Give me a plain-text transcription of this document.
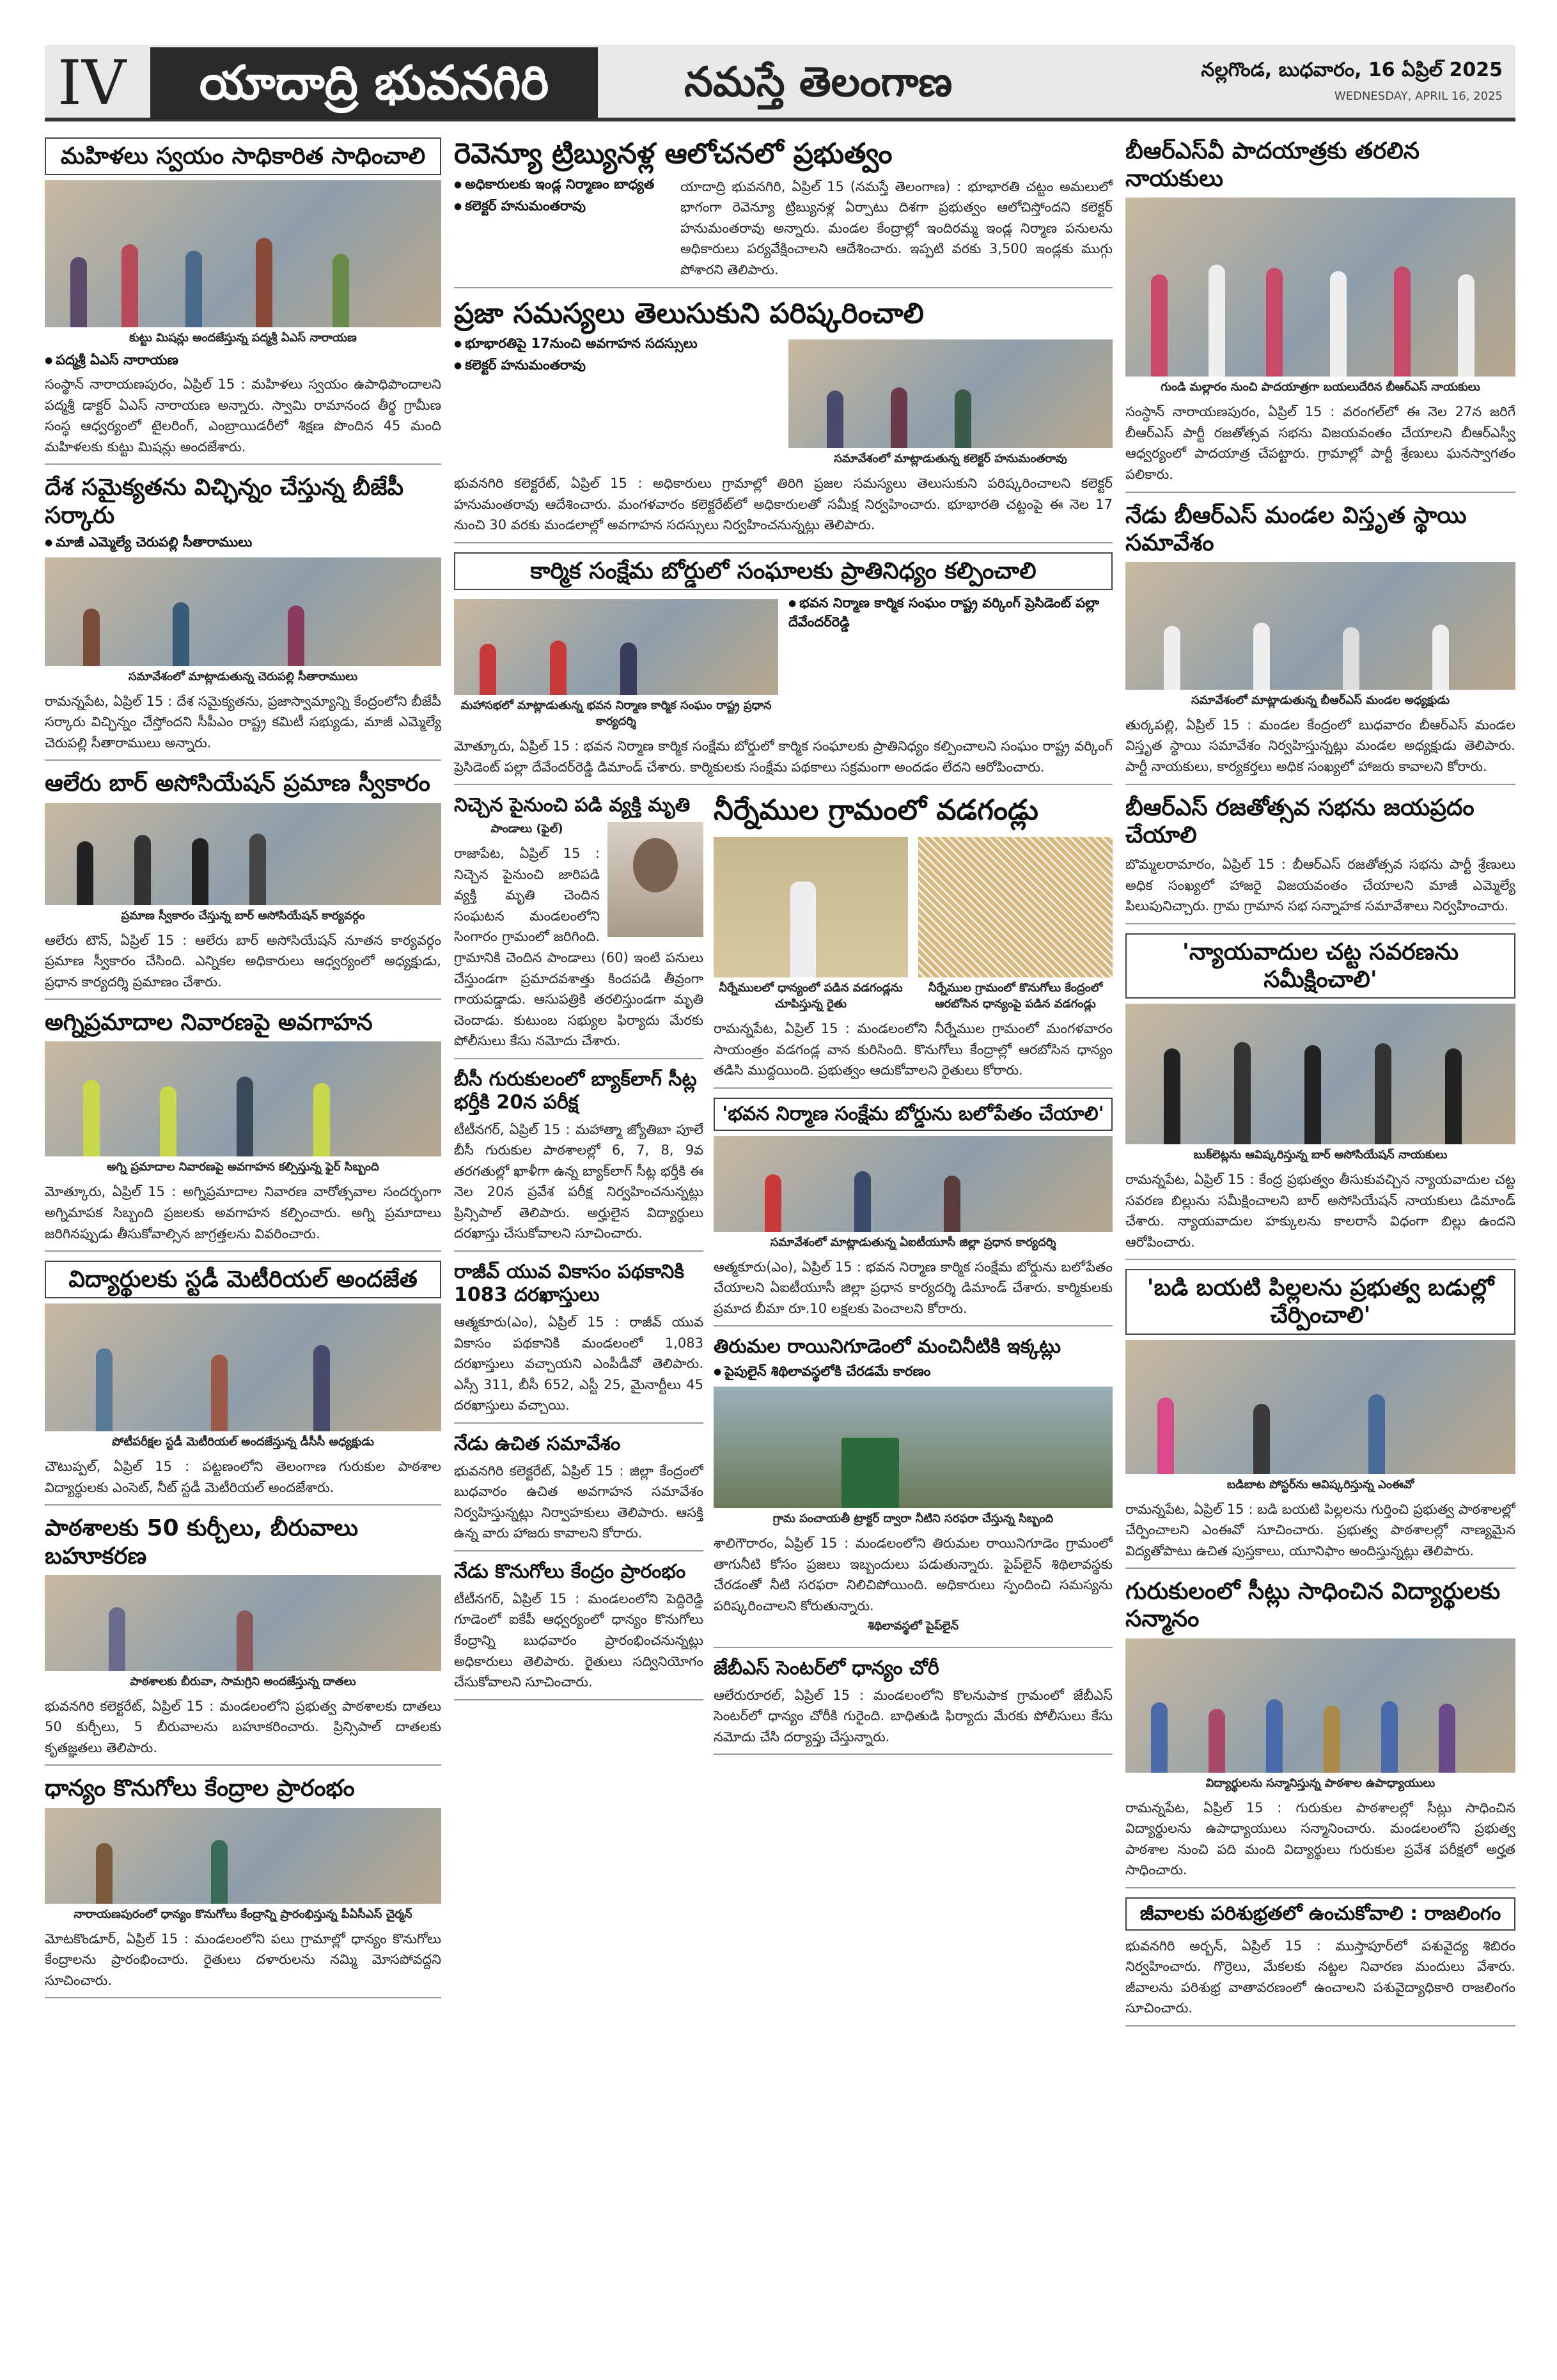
IV	యాదాద్రి భువనగిరి	నమస్తే తెలంగాణ	నల్లగొండ, బుధవారం, 16 ఏప్రిల్ 2025
WEDNESDAY, APRIL 16, 2025
మహిళలు స్వయం సాధికారిత సాధించాలి
కుట్టు మిషన్లు అందజేస్తున్న పద్మశ్రీ ఏఎస్ నారాయణ
● పద్మశ్రీ ఏఎస్ నారాయణ
సంస్థాన్ నారాయణపురం, ఏప్రిల్ 15 : మహిళలు స్వయం ఉపాధిపొందాలని పద్మశ్రీ డాక్టర్ ఏఎస్ నారాయణ అన్నారు. స్వామి రామానంద తీర్థ గ్రామీణ సంస్థ ఆధ్వర్యంలో టైలరింగ్, ఎంబ్రాయిడరీలో శిక్షణ పొందిన 45 మంది మహిళలకు కుట్టు మిషన్లు అందజేశారు.
దేశ సమైక్యతను విచ్ఛిన్నం చేస్తున్న బీజేపీ సర్కారు
● మాజీ ఎమ్మెల్యే చెరుపల్లి సీతారాములు
సమావేశంలో మాట్లాడుతున్న చెరుపల్లి సీతారాములు
రామన్నపేట, ఏప్రిల్ 15 : దేశ సమైక్యతను, ప్రజాస్వామ్యాన్ని కేంద్రంలోని బీజేపీ సర్కారు విచ్ఛిన్నం చేస్తోందని సీపీఎం రాష్ట్ర కమిటీ సభ్యుడు, మాజీ ఎమ్మెల్యే చెరుపల్లి సీతారాములు అన్నారు.
ఆలేరు బార్ అసోసియేషన్ ప్రమాణ స్వీకారం
ప్రమాణ స్వీకారం చేస్తున్న బార్ అసోసియేషన్ కార్యవర్గం
ఆలేరు టౌన్, ఏప్రిల్ 15 : ఆలేరు బార్ అసోసియేషన్ నూతన కార్యవర్గం ప్రమాణ స్వీకారం చేసింది. ఎన్నికల అధికారులు ఆధ్వర్యంలో అధ్యక్షుడు, ప్రధాన కార్యదర్శి ప్రమాణం చేశారు.
అగ్నిప్రమాదాల నివారణపై అవగాహన
అగ్ని ప్రమాదాల నివారణపై అవగాహన కల్పిస్తున్న ఫైర్ సిబ్బంది
మోత్కూరు, ఏప్రిల్ 15 : అగ్నిప్రమాదాల నివారణ వారోత్సవాల సందర్భంగా అగ్నిమాపక సిబ్బంది ప్రజలకు అవగాహన కల్పించారు. అగ్ని ప్రమాదాలు జరిగినప్పుడు తీసుకోవాల్సిన జాగ్రత్తలను వివరించారు.
విద్యార్థులకు స్టడీ మెటీరియల్ అందజేత
పోటీపరీక్షల స్టడీ మెటీరియల్ అందజేస్తున్న డీసీసీ అధ్యక్షుడు
చౌటుప్పల్, ఏప్రిల్ 15 : పట్టణంలోని తెలంగాణ గురుకుల పాఠశాల విద్యార్థులకు ఎంసెట్, నీట్ స్టడీ మెటీరియల్ అందజేశారు.
పాఠశాలకు 50 కుర్చీలు, బీరువాలు బహూకరణ
పాఠశాలకు బీరువా, సామగ్రిని అందజేస్తున్న దాతలు
భువనగిరి కలెక్టరేట్, ఏప్రిల్ 15 : మండలంలోని ప్రభుత్వ పాఠశాలకు దాతలు 50 కుర్చీలు, 5 బీరువాలను బహూకరించారు. ప్రిన్సిపాల్ దాతలకు కృతజ్ఞతలు తెలిపారు.
ధాన్యం కొనుగోలు కేంద్రాల ప్రారంభం
నారాయణపురంలో ధాన్యం కొనుగోలు కేంద్రాన్ని ప్రారంభిస్తున్న పీఏసీఎస్ చైర్మన్
మోటకొండూర్, ఏప్రిల్ 15 : మండలంలోని పలు గ్రామాల్లో ధాన్యం కొనుగోలు కేంద్రాలను ప్రారంభించారు. రైతులు దళారులను నమ్మి మోసపోవద్దని సూచించారు.
రెవెన్యూ ట్రిబ్యునళ్ల ఆలోచనలో ప్రభుత్వం
● అధికారులకు ఇండ్ల నిర్మాణం బాధ్యత
● కలెక్టర్ హనుమంతరావు
యాదాద్రి భువనగిరి, ఏప్రిల్ 15 (నమస్తే తెలంగాణ) : భూభారతి చట్టం అమలులో భాగంగా రెవెన్యూ ట్రిబ్యునళ్ల ఏర్పాటు దిశగా ప్రభుత్వం ఆలోచిస్తోందని కలెక్టర్ హనుమంతరావు అన్నారు. మండల కేంద్రాల్లో ఇందిరమ్మ ఇండ్ల నిర్మాణ పనులను అధికారులు పర్యవేక్షించాలని ఆదేశించారు. ఇప్పటి వరకు 3,500 ఇండ్లకు ముగ్గు పోశారని తెలిపారు.
ప్రజా సమస్యలు తెలుసుకుని పరిష్కరించాలి
● భూభారతిపై 17నుంచి అవగాహన సదస్సులు
● కలెక్టర్ హనుమంతరావు
సమావేశంలో మాట్లాడుతున్న కలెక్టర్ హనుమంతరావు
భువనగిరి కలెక్టరేట్, ఏప్రిల్ 15 : అధికారులు గ్రామాల్లో తిరిగి ప్రజల సమస్యలు తెలుసుకుని పరిష్కరించాలని కలెక్టర్ హనుమంతరావు ఆదేశించారు. మంగళవారం కలెక్టరేట్‌లో అధికారులతో సమీక్ష నిర్వహించారు. భూభారతి చట్టంపై ఈ నెల 17 నుంచి 30 వరకు మండలాల్లో అవగాహన సదస్సులు నిర్వహించనున్నట్లు తెలిపారు.
కార్మిక సంక్షేమ బోర్డులో సంఘాలకు ప్రాతినిధ్యం కల్పించాలి
మహాసభలో మాట్లాడుతున్న భవన నిర్మాణ కార్మిక సంఘం రాష్ట్ర ప్రధాన కార్యదర్శి
● భవన నిర్మాణ కార్మిక సంఘం రాష్ట్ర వర్కింగ్ ప్రెసిడెంట్ పల్లా దేవేందర్‌రెడ్డి
మోత్కూరు, ఏప్రిల్ 15 : భవన నిర్మాణ కార్మిక సంక్షేమ బోర్డులో కార్మిక సంఘాలకు ప్రాతినిధ్యం కల్పించాలని సంఘం రాష్ట్ర వర్కింగ్ ప్రెసిడెంట్ పల్లా దేవేందర్‌రెడ్డి డిమాండ్ చేశారు. కార్మికులకు సంక్షేమ పథకాలు సక్రమంగా అందడం లేదని ఆరోపించారు.
నిచ్చెన పైనుంచి పడి వ్యక్తి మృతి
పాండాలు (ఫైల్)
రాజాపేట, ఏప్రిల్ 15 : నిచ్చెన పైనుంచి జారిపడి వ్యక్తి మృతి చెందిన సంఘటన మండలంలోని సింగారం గ్రామంలో జరిగింది. గ్రామానికి చెందిన పాండాలు (60) ఇంటి పనులు చేస్తుండగా ప్రమాదవశాత్తు కిందపడి తీవ్రంగా గాయపడ్డాడు. ఆసుపత్రికి తరలిస్తుండగా మృతి చెందాడు. కుటుంబ సభ్యుల ఫిర్యాదు మేరకు పోలీసులు కేసు నమోదు చేశారు.
బీసీ గురుకులంలో బ్యాక్‌లాగ్ సీట్ల భర్తీకి 20న పరీక్ష
టీటీనగర్, ఏప్రిల్ 15 : మహాత్మా జ్యోతిబా పూలే బీసీ గురుకుల పాఠశాలల్లో 6, 7, 8, 9వ తరగతుల్లో ఖాళీగా ఉన్న బ్యాక్‌లాగ్ సీట్ల భర్తీకి ఈ నెల 20న ప్రవేశ పరీక్ష నిర్వహించనున్నట్లు ప్రిన్సిపాల్ తెలిపారు. అర్హులైన విద్యార్థులు దరఖాస్తు చేసుకోవాలని సూచించారు.
రాజీవ్ యువ వికాసం పథకానికి 1083 దరఖాస్తులు
ఆత్మకూరు(ఎం), ఏప్రిల్ 15 : రాజీవ్ యువ వికాసం పథకానికి మండలంలో 1,083 దరఖాస్తులు వచ్చాయని ఎంపీడీవో తెలిపారు. ఎస్సీ 311, బీసీ 652, ఎస్టీ 25, మైనార్టీలు 45 దరఖాస్తులు వచ్చాయి.
నేడు ఉచిత సమావేశం
భువనగిరి కలెక్టరేట్, ఏప్రిల్ 15 : జిల్లా కేంద్రంలో బుధవారం ఉచిత అవగాహన సమావేశం నిర్వహిస్తున్నట్లు నిర్వాహకులు తెలిపారు. ఆసక్తి ఉన్న వారు హాజరు కావాలని కోరారు.
నేడు కొనుగోలు కేంద్రం ప్రారంభం
టీటీనగర్, ఏప్రిల్ 15 : మండలంలోని పెద్దిరెడ్డి గూడెంలో ఐకేపీ ఆధ్వర్యంలో ధాన్యం కొనుగోలు కేంద్రాన్ని బుధవారం ప్రారంభించనున్నట్లు అధికారులు తెలిపారు. రైతులు సద్వినియోగం చేసుకోవాలని సూచించారు.
నీర్నేముల గ్రామంలో వడగండ్లు
నీర్నేములలో ధాన్యంలో పడిన వడగండ్లను చూపిస్తున్న రైతు
నీర్నేముల గ్రామంలో కొనుగోలు కేంద్రంలో ఆరబోసిన ధాన్యంపై పడిన వడగండ్లు
రామన్నపేట, ఏప్రిల్ 15 : మండలంలోని నీర్నేముల గ్రామంలో మంగళవారం సాయంత్రం వడగండ్ల వాన కురిసింది. కొనుగోలు కేంద్రాల్లో ఆరబోసిన ధాన్యం తడిసి ముద్దయింది. ప్రభుత్వం ఆదుకోవాలని రైతులు కోరారు.
'భవన నిర్మాణ సంక్షేమ బోర్డును బలోపేతం చేయాలి'
సమావేశంలో మాట్లాడుతున్న ఏఐటీయూసీ జిల్లా ప్రధాన కార్యదర్శి
ఆత్మకూరు(ఎం), ఏప్రిల్ 15 : భవన నిర్మాణ కార్మిక సంక్షేమ బోర్డును బలోపేతం చేయాలని ఏఐటీయూసీ జిల్లా ప్రధాన కార్యదర్శి డిమాండ్ చేశారు. కార్మికులకు ప్రమాద బీమా రూ.10 లక్షలకు పెంచాలని కోరారు.
తిరుమల రాయినిగూడెంలో మంచినీటికి ఇక్కట్లు
● పైపులైన్ శిథిలావస్థలోకి చేరడమే కారణం
గ్రామ పంచాయతీ ట్రాక్టర్ ద్వారా నీటిని సరఫరా చేస్తున్న సిబ్బంది
శాలిగౌరారం, ఏప్రిల్ 15 : మండలంలోని తిరుమల రాయినిగూడెం గ్రామంలో తాగునీటి కోసం ప్రజలు ఇబ్బందులు పడుతున్నారు. పైప్‌లైన్ శిథిలావస్థకు చేరడంతో నీటి సరఫరా నిలిచిపోయింది. అధికారులు స్పందించి సమస్యను పరిష్కరించాలని కోరుతున్నారు.
శిథిలావస్థలో పైప్‌లైన్
జేబీఎస్ సెంటర్‌లో ధాన్యం చోరీ
ఆలేరురూరల్, ఏప్రిల్ 15 : మండలంలోని కొలనుపాక గ్రామంలో జేబీఎస్ సెంటర్‌లో ధాన్యం చోరీకి గురైంది. బాధితుడి ఫిర్యాదు మేరకు పోలీసులు కేసు నమోదు చేసి దర్యాప్తు చేస్తున్నారు.
బీఆర్ఎస్‌వీ పాదయాత్రకు తరలిన నాయకులు
గుండి మల్లారం నుంచి పాదయాత్రగా బయలుదేరిన బీఆర్ఎస్ నాయకులు
సంస్థాన్ నారాయణపురం, ఏప్రిల్ 15 : వరంగల్‌లో ఈ నెల 27న జరిగే బీఆర్ఎస్ పార్టీ రజతోత్సవ సభను విజయవంతం చేయాలని బీఆర్ఎస్వీ ఆధ్వర్యంలో పాదయాత్ర చేపట్టారు. గ్రామాల్లో పార్టీ శ్రేణులు ఘనస్వాగతం పలికారు.
నేడు బీఆర్ఎస్ మండల విస్తృత స్థాయి సమావేశం
సమావేశంలో మాట్లాడుతున్న బీఆర్ఎస్ మండల అధ్యక్షుడు
తుర్కపల్లి, ఏప్రిల్ 15 : మండల కేంద్రంలో బుధవారం బీఆర్ఎస్ మండల విస్తృత స్థాయి సమావేశం నిర్వహిస్తున్నట్లు మండల అధ్యక్షుడు తెలిపారు. పార్టీ నాయకులు, కార్యకర్తలు అధిక సంఖ్యలో హాజరు కావాలని కోరారు.
బీఆర్ఎస్ రజతోత్సవ సభను జయప్రదం చేయాలి
బొమ్మలరామారం, ఏప్రిల్ 15 : బీఆర్ఎస్ రజతోత్సవ సభను పార్టీ శ్రేణులు అధిక సంఖ్యలో హాజరై విజయవంతం చేయాలని మాజీ ఎమ్మెల్యే పిలుపునిచ్చారు. గ్రామ గ్రామాన సభ సన్నాహక సమావేశాలు నిర్వహించారు.
'న్యాయవాదుల చట్ట సవరణను సమీక్షించాలి'
బుక్‌లెట్లను ఆవిష్కరిస్తున్న బార్ అసోసియేషన్ నాయకులు
రామన్నపేట, ఏప్రిల్ 15 : కేంద్ర ప్రభుత్వం తీసుకువచ్చిన న్యాయవాదుల చట్ట సవరణ బిల్లును సమీక్షించాలని బార్ అసోసియేషన్ నాయకులు డిమాండ్ చేశారు. న్యాయవాదుల హక్కులను కాలరాసే విధంగా బిల్లు ఉందని ఆరోపించారు.
'బడి బయటి పిల్లలను ప్రభుత్వ బడుల్లో చేర్పించాలి'
బడిబాట పోస్టర్‌ను ఆవిష్కరిస్తున్న ఎంఈవో
రామన్నపేట, ఏప్రిల్ 15 : బడి బయటి పిల్లలను గుర్తించి ప్రభుత్వ పాఠశాలల్లో చేర్పించాలని ఎంఈవో సూచించారు. ప్రభుత్వ పాఠశాలల్లో నాణ్యమైన విద్యతోపాటు ఉచిత పుస్తకాలు, యూనిఫాం అందిస్తున్నట్లు తెలిపారు.
గురుకులంలో సీట్లు సాధించిన విద్యార్థులకు సన్మానం
విద్యార్థులను సన్మానిస్తున్న పాఠశాల ఉపాధ్యాయులు
రామన్నపేట, ఏప్రిల్ 15 : గురుకుల పాఠశాలల్లో సీట్లు సాధించిన విద్యార్థులను ఉపాధ్యాయులు సన్మానించారు. మండలంలోని ప్రభుత్వ పాఠశాల నుంచి పది మంది విద్యార్థులు గురుకుల ప్రవేశ పరీక్షలో అర్హత సాధించారు.
జీవాలకు పరిశుభ్రతలో ఉంచుకోవాలి : రాజలింగం
భువనగిరి అర్బన్, ఏప్రిల్ 15 : ముస్తాపూర్‌లో పశువైద్య శిబిరం నిర్వహించారు. గొర్రెలు, మేకలకు నట్టల నివారణ మందులు వేశారు. జీవాలను పరిశుభ్ర వాతావరణంలో ఉంచాలని పశువైద్యాధికారి రాజలింగం సూచించారు.
